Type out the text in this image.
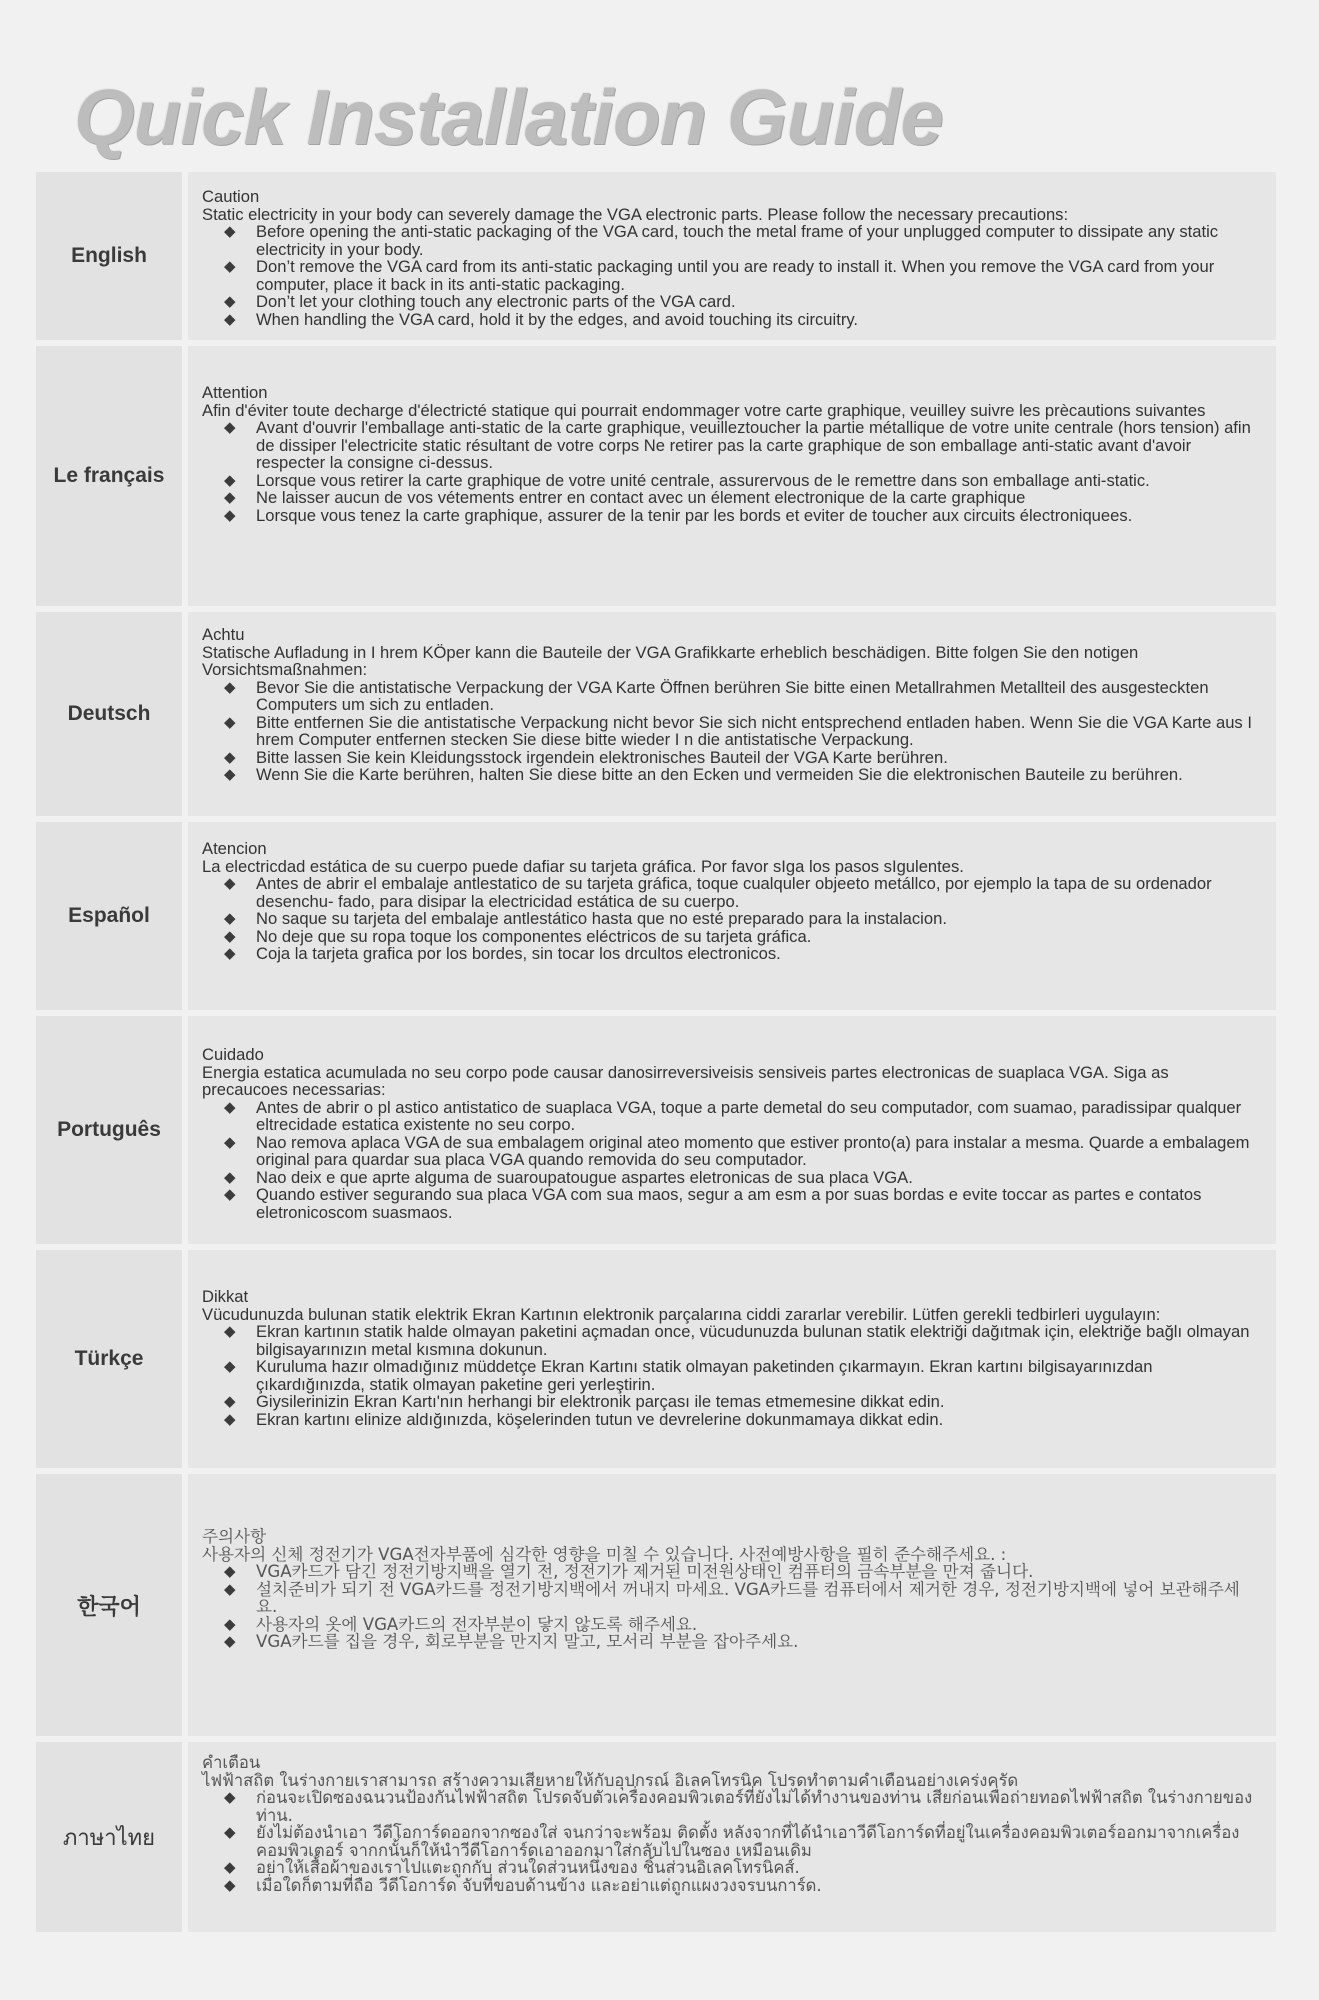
Quick Installation Guide
English
Caution
Static electricity in your body can severely damage the VGA electronic parts. Please follow the necessary precautions:
◆ Before opening the anti-static packaging of the VGA card, touch the metal frame of your unplugged computer to dissipate any static electricity in your body.
◆ Don’t remove the VGA card from its anti-static packaging until you are ready to install it. When you remove the VGA card from your computer, place it back in its anti-static packaging.
◆ Don’t let your clothing touch any electronic parts of the VGA card.
◆ When handling the VGA card, hold it by the edges, and avoid touching its circuitry.
Le français
Attention
Afin d'éviter toute decharge d'électricté statique qui pourrait endommager votre carte graphique, veuilley suivre les prècautions suivantes
◆ Avant d'ouvrir l'emballage anti-static de la carte graphique, veuilleztoucher la partie métallique de votre unite centrale (hors tension) afin de dissiper l'electricite static résultant de votre corps Ne retirer pas la carte graphique de son emballage anti-static avant d'avoir respecter la consigne ci-dessus.
◆ Lorsque vous retirer la carte graphique de votre unité centrale, assurervous de le remettre dans son emballage anti-static.
◆ Ne laisser aucun de vos vétements entrer en contact avec un élement electronique de la carte graphique
◆ Lorsque vous tenez la carte graphique, assurer de la tenir par les bords et eviter de toucher aux circuits électroniquees.
Deutsch
Achtu
Statische Aufladung in I hrem KÖper kann die Bauteile der VGA Grafikkarte erheblich beschädigen. Bitte folgen Sie den notigen Vorsichtsmaßnahmen:
◆ Bevor Sie die antistatische Verpackung der VGA Karte Öffnen berühren Sie bitte einen Metallrahmen Metallteil des ausgesteckten Computers um sich zu entladen.
◆ Bitte entfernen Sie die antistatische Verpackung nicht bevor Sie sich nicht entsprechend entladen haben. Wenn Sie die VGA Karte aus I hrem Computer entfernen stecken Sie diese bitte wieder I n die antistatische Verpackung.
◆ Bitte lassen Sie kein Kleidungsstock irgendein elektronisches Bauteil der VGA Karte berühren.
◆ Wenn Sie die Karte berühren, halten Sie diese bitte an den Ecken und vermeiden Sie die elektronischen Bauteile zu berühren.
Español
Atencion
La electricdad estática de su cuerpo puede dafiar su tarjeta gráfica. Por favor sIga los pasos sIgulentes.
◆ Antes de abrir el embalaje antlestatico de su tarjeta gráfica, toque cualquler objeeto metállco, por ejemplo la tapa de su ordenador desenchu- fado, para disipar la electricidad estática de su cuerpo.
◆ No saque su tarjeta del embalaje antlestático hasta que no esté preparado para la instalacion.
◆ No deje que su ropa toque los componentes eléctricos de su tarjeta gráfica.
◆ Coja la tarjeta grafica por los bordes, sin tocar los drcultos electronicos.
Português
Cuidado
Energia estatica acumulada no seu corpo pode causar danosirreversiveisis sensiveis partes electronicas de suaplaca VGA. Siga as precaucoes necessarias:
◆ Antes de abrir o pl astico antistatico de suaplaca VGA, toque a parte demetal do seu computador, com suamao, paradissipar qualquer eltrecidade estatica existente no seu corpo.
◆ Nao remova aplaca VGA de sua embalagem original ateo momento que estiver pronto(a) para instalar a mesma. Quarde a embalagem original para quardar sua placa VGA quando removida do seu computador.
◆ Nao deix e que aprte alguma de suaroupatougue aspartes eletronicas de sua placa VGA.
◆ Quando estiver segurando sua placa VGA com sua maos, segur a am esm a por suas bordas e evite toccar as partes e contatos eletronicoscom suasmaos.
Türkçe
Dikkat
Vücudunuzda bulunan statik elektrik Ekran Kartının elektronik parçalarına ciddi zararlar verebilir. Lütfen gerekli tedbirleri uygulayın:
◆ Ekran kartının statik halde olmayan paketini açmadan once, vücudunuzda bulunan statik elektriği dağıtmak için, elektriğe bağlı olmayan bilgisayarınızın metal kısmına dokunun.
◆ Kuruluma hazır olmadığınız müddetçe Ekran Kartını statik olmayan paketinden çıkarmayın. Ekran kartını bilgisayarınızdan çıkardığınızda, statik olmayan paketine geri yerleştirin.
◆ Giysilerinizin Ekran Kartı'nın herhangi bir elektronik parçası ile temas etmemesine dikkat edin.
◆ Ekran kartını elinize aldığınızda, köşelerinden tutun ve devrelerine dokunmamaya dikkat edin.
한국어
주의사항
사용자의 신체 정전기가 VGA전자부품에 심각한 영향을 미칠 수 있습니다. 사전예방사항을 필히 준수해주세요. :
◆ VGA카드가 담긴 정전기방지백을 열기 전, 정전기가 제거된 미전원상태인 컴퓨터의 금속부분을 만져 줍니다.
◆ 설치준비가 되기 전 VGA카드를 정전기방지백에서 꺼내지 마세요. VGA카드를 컴퓨터에서 제거한 경우, 정전기방지백에 넣어 보관해주세요.
◆ 사용자의 옷에 VGA카드의 전자부분이 닿지 않도록 해주세요.
◆ VGA카드를 집을 경우, 회로부분을 만지지 말고, 모서리 부분을 잡아주세요.
ภาษาไทย
คำเตือน
ไฟฟ้าสถิต ในร่างกายเราสามารถ สร้างความเสียหายให้กับอุปกรณ์ อิเลคโทรนิค โปรดทำตามคำเตือนอย่างเคร่งครัด
◆ ก่อนจะเปิดซองฉนวนป้องกันไฟฟ้าสถิต โปรดจับตัวเครื่องคอมพิวเตอร์ที่ยังไม่ได้ทำงานของท่าน เสียก่อนเพื่อถ่ายทอดไฟฟ้าสถิต ในร่างกายของท่าน.
◆ ยังไม่ต้องนำเอา วีดีโอการ์ดออกจากซองใส่ จนกว่าจะพร้อม ติดตั้ง หลังจากที่ได้นำเอาวีดีโอการ์ดที่อยู่ในเครื่องคอมพิวเตอร์ออกมาจากเครื่องคอมพิวเตอร์ จากกนั้นก็ให้นำวีดีโอการ์ดเอาออกมาใส่กลับไปในซอง เหมือนเดิม
◆ อย่าให้เสื้อผ้าของเราไปแตะถูกกับ ส่วนใดส่วนหนึ่งของ ชิ้นส่วนอิเลคโทรนิคส์.
◆ เมื่อใดก็ตามที่ถือ วีดีโอการ์ด จับที่ขอบด้านข้าง และอย่าแต่ถูกแผงวงจรบนการ์ด.
